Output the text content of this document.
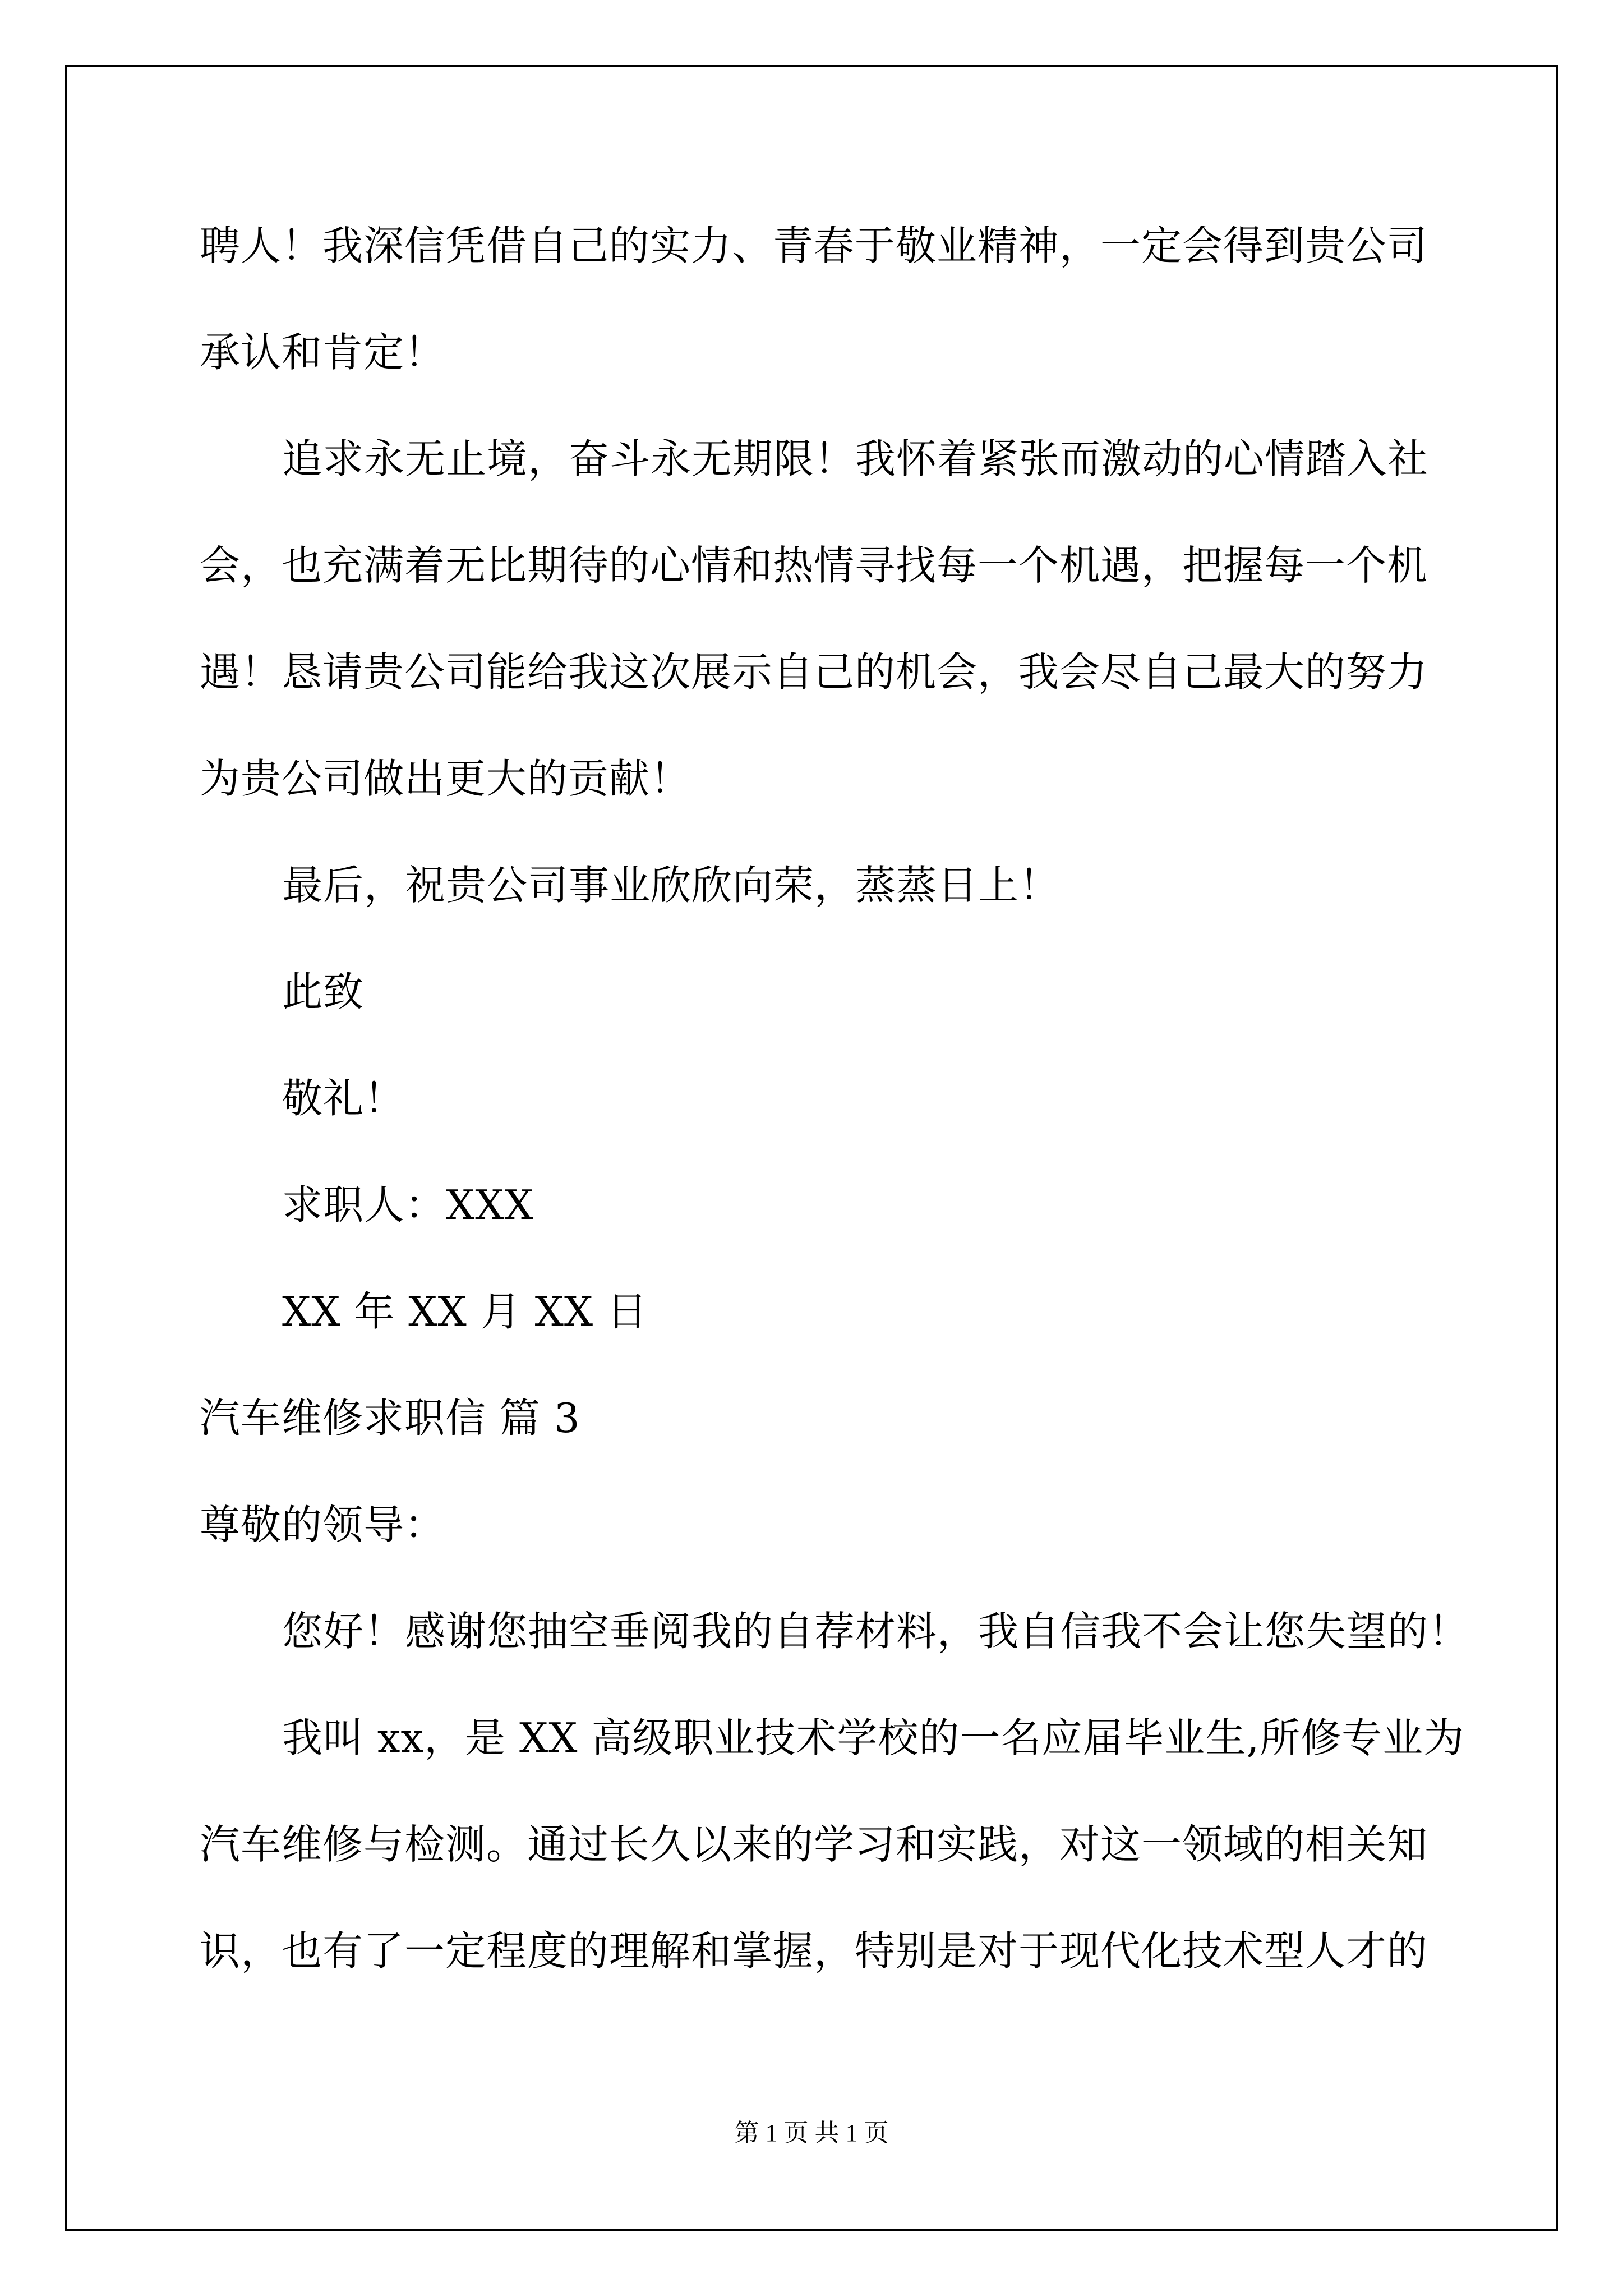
聘人！我深信凭借自己的实力、青春于敬业精神，一定会得到贵公司
承认和肯定！
追求永无止境，奋斗永无期限！我怀着紧张而激动的心情踏入社
会，也充满着无比期待的心情和热情寻找每一个机遇，把握每一个机
遇！恳请贵公司能给我这次展示自己的机会，我会尽自己最大的努力
为贵公司做出更大的贡献！
最后，祝贵公司事业欣欣向荣，蒸蒸日上！
此致
敬礼！
求职人：XXX
XX 年 XX 月 XX 日
汽车维修求职信 篇 3
尊敬的领导：
您好！感谢您抽空垂阅我的自荐材料，我自信我不会让您失望的！
我叫 xx，是 XX 高级职业技术学校的一名应届毕业生,所修专业为
汽车维修与检测。通过长久以来的学习和实践，对这一领域的相关知
识，也有了一定程度的理解和掌握，特别是对于现代化技术型人才的
第 1 页 共 1 页
